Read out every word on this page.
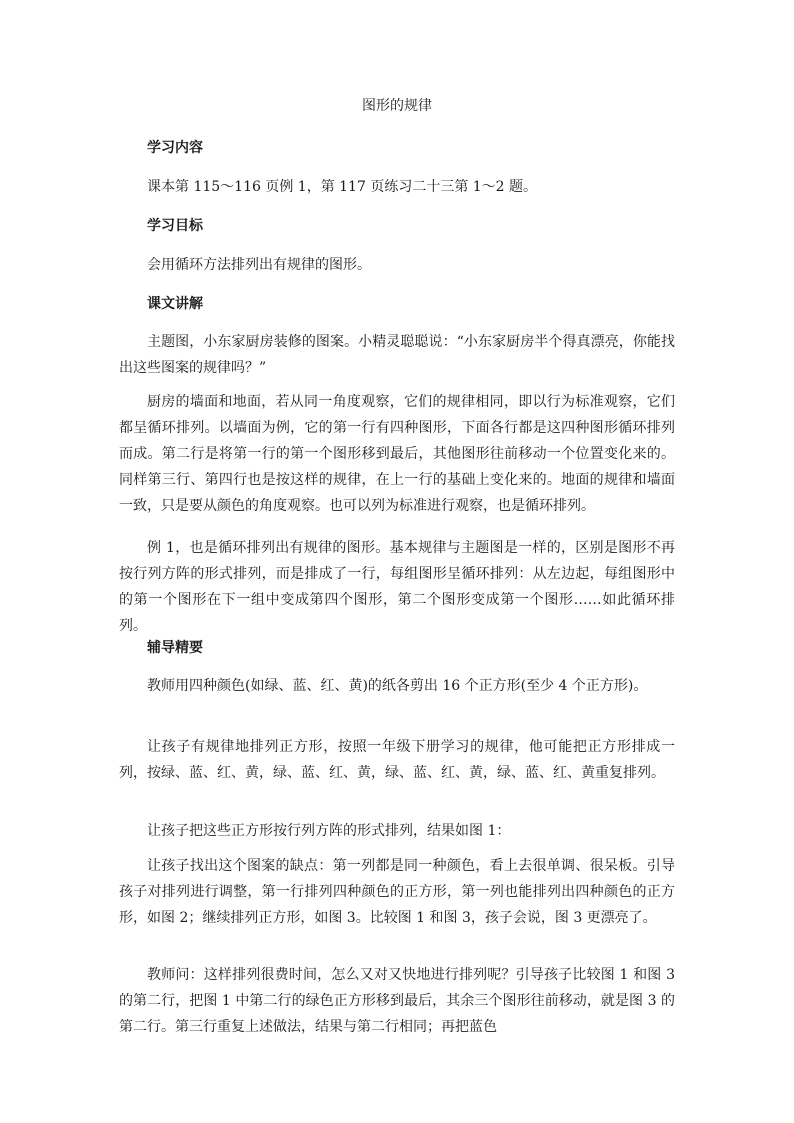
图形的规律
学习内容
课本第 115～116 页例 1，第 117 页练习二十三第 1～2 题。
学习目标
会用循环方法排列出有规律的图形。
课文讲解
主题图，小东家厨房装修的图案。小精灵聪聪说：“小东家厨房半个得真漂亮，你能找出这些图案的规律吗？”
厨房的墙面和地面，若从同一角度观察，它们的规律相同，即以行为标准观察，它们都呈循环排列。以墙面为例，它的第一行有四种图形，下面各行都是这四种图形循环排列而成。第二行是将第一行的第一个图形移到最后，其他图形往前移动一个位置变化来的。同样第三行、第四行也是按这样的规律，在上一行的基础上变化来的。地面的规律和墙面一致，只是要从颜色的角度观察。也可以列为标准进行观察，也是循环排列。
例 1，也是循环排列出有规律的图形。基本规律与主题图是一样的，区别是图形不再按行列方阵的形式排列，而是排成了一行，每组图形呈循环排列：从左边起，每组图形中的第一个图形在下一组中变成第四个图形，第二个图形变成第一个图形……如此循环排列。
辅导精要
教师用四种颜色(如绿、蓝、红、黄)的纸各剪出 16 个正方形(至少 4 个正方形)。
让孩子有规律地排列正方形，按照一年级下册学习的规律，他可能把正方形排成一列，按绿、蓝、红、黄，绿、蓝、红、黄，绿、蓝、红、黄，绿、蓝、红、黄重复排列。
让孩子把这些正方形按行列方阵的形式排列，结果如图 1：
让孩子找出这个图案的缺点：第一列都是同一种颜色，看上去很单调、很呆板。引导孩子对排列进行调整，第一行排列四种颜色的正方形，第一列也能排列出四种颜色的正方形，如图 2；继续排列正方形，如图 3。比较图 1 和图 3，孩子会说，图 3 更漂亮了。
教师问：这样排列很费时间，怎么又对又快地进行排列呢？引导孩子比较图 1 和图 3 的第二行，把图 1 中第二行的绿色正方形移到最后，其余三个图形往前移动，就是图 3 的第二行。第三行重复上述做法，结果与第二行相同；再把蓝色
